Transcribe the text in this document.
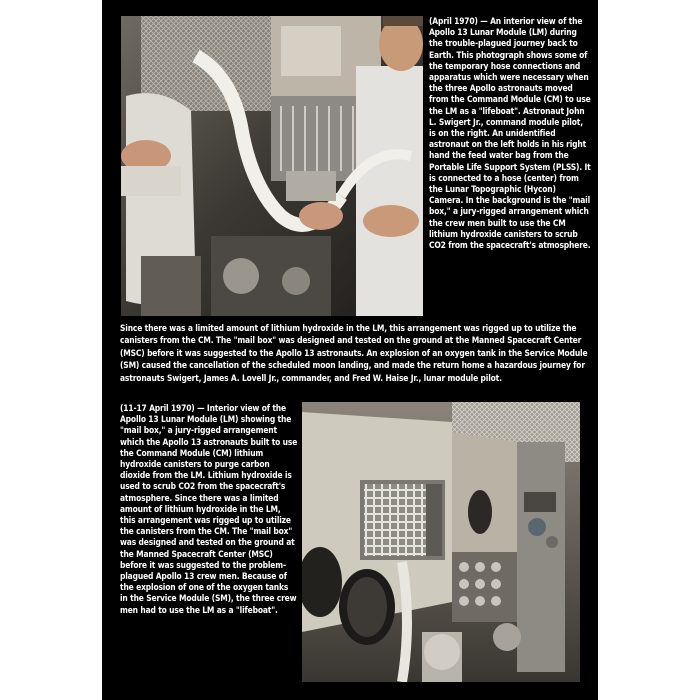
(April 1970) — An interior view of the Apollo 13 Lunar Module (LM) during the trouble-plagued journey back to Earth. This photograph shows some of the temporary hose connections and apparatus which were necessary when the three Apollo astronauts moved from the Command Module (CM) to use the LM as a "lifeboat". Astronaut John L. Swigert Jr., command module pilot, is on the right. An unidentified astronaut on the left holds in his right hand the feed water bag from the Portable Life Support System (PLSS). It is connected to a hose (center) from the Lunar Topographic (Hycon) Camera. In the background is the "mail box," a jury-rigged arrangement which the crew men built to use the CM lithium hydroxide canisters to scrub CO2 from the spacecraft's atmosphere.
Since there was a limited amount of lithium hydroxide in the LM, this arrangement was rigged up to utilize the canisters from the CM. The "mail box" was designed and tested on the ground at the Manned Spacecraft Center (MSC) before it was suggested to the Apollo 13 astronauts. An explosion of an oxygen tank in the Service Module (SM) caused the cancellation of the scheduled moon landing, and made the return home a hazardous journey for astronauts Swigert, James A. Lovell Jr., commander, and Fred W. Haise Jr., lunar module pilot.
(11-17 April 1970) — Interior view of the Apollo 13 Lunar Module (LM) showing the "mail box," a jury-rigged arrangement which the Apollo 13 astronauts built to use the Command Module (CM) lithium hydroxide canisters to purge carbon dioxide from the LM. Lithium hydroxide is used to scrub CO2 from the spacecraft's atmosphere. Since there was a limited amount of lithium hydroxide in the LM, this arrangement was rigged up to utilize the canisters from the CM. The "mail box" was designed and tested on the ground at the Manned Spacecraft Center (MSC) before it was suggested to the problem-plagued Apollo 13 crew men. Because of the explosion of one of the oxygen tanks in the Service Module (SM), the three crew men had to use the LM as a "lifeboat".
